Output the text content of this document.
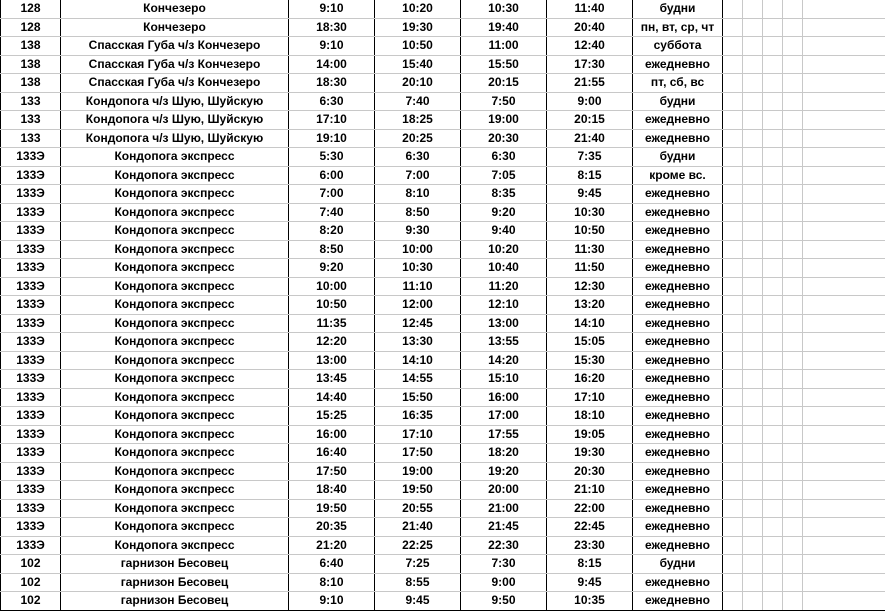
128	Кончезеро	9:10	10:20	10:30	11:40	будни					
128	Кончезеро	18:30	19:30	19:40	20:40	пн, вт, ср, чт					
138	Спасская Губа ч/з Кончезеро	9:10	10:50	11:00	12:40	суббота					
138	Спасская Губа ч/з Кончезеро	14:00	15:40	15:50	17:30	ежедневно					
138	Спасская Губа ч/з Кончезеро	18:30	20:10	20:15	21:55	пт, сб, вс					
133	Кондопога ч/з Шую, Шуйскую	6:30	7:40	7:50	9:00	будни					
133	Кондопога ч/з Шую, Шуйскую	17:10	18:25	19:00	20:15	ежедневно					
133	Кондопога ч/з Шую, Шуйскую	19:10	20:25	20:30	21:40	ежедневно					
133Э	Кондопога экспресс	5:30	6:30	6:30	7:35	будни					
133Э	Кондопога экспресс	6:00	7:00	7:05	8:15	кроме вс.					
133Э	Кондопога экспресс	7:00	8:10	8:35	9:45	ежедневно					
133Э	Кондопога экспресс	7:40	8:50	9:20	10:30	ежедневно					
133Э	Кондопога экспресс	8:20	9:30	9:40	10:50	ежедневно					
133Э	Кондопога экспресс	8:50	10:00	10:20	11:30	ежедневно					
133Э	Кондопога экспресс	9:20	10:30	10:40	11:50	ежедневно					
133Э	Кондопога экспресс	10:00	11:10	11:20	12:30	ежедневно					
133Э	Кондопога экспресс	10:50	12:00	12:10	13:20	ежедневно					
133Э	Кондопога экспресс	11:35	12:45	13:00	14:10	ежедневно					
133Э	Кондопога экспресс	12:20	13:30	13:55	15:05	ежедневно					
133Э	Кондопога экспресс	13:00	14:10	14:20	15:30	ежедневно					
133Э	Кондопога экспресс	13:45	14:55	15:10	16:20	ежедневно					
133Э	Кондопога экспресс	14:40	15:50	16:00	17:10	ежедневно					
133Э	Кондопога экспресс	15:25	16:35	17:00	18:10	ежедневно					
133Э	Кондопога экспресс	16:00	17:10	17:55	19:05	ежедневно					
133Э	Кондопога экспресс	16:40	17:50	18:20	19:30	ежедневно					
133Э	Кондопога экспресс	17:50	19:00	19:20	20:30	ежедневно					
133Э	Кондопога экспресс	18:40	19:50	20:00	21:10	ежедневно					
133Э	Кондопога экспресс	19:50	20:55	21:00	22:00	ежедневно					
133Э	Кондопога экспресс	20:35	21:40	21:45	22:45	ежедневно					
133Э	Кондопога экспресс	21:20	22:25	22:30	23:30	ежедневно					
102	гарнизон Бесовец	6:40	7:25	7:30	8:15	будни					
102	гарнизон Бесовец	8:10	8:55	9:00	9:45	ежедневно					
102	гарнизон Бесовец	9:10	9:45	9:50	10:35	ежедневно					
